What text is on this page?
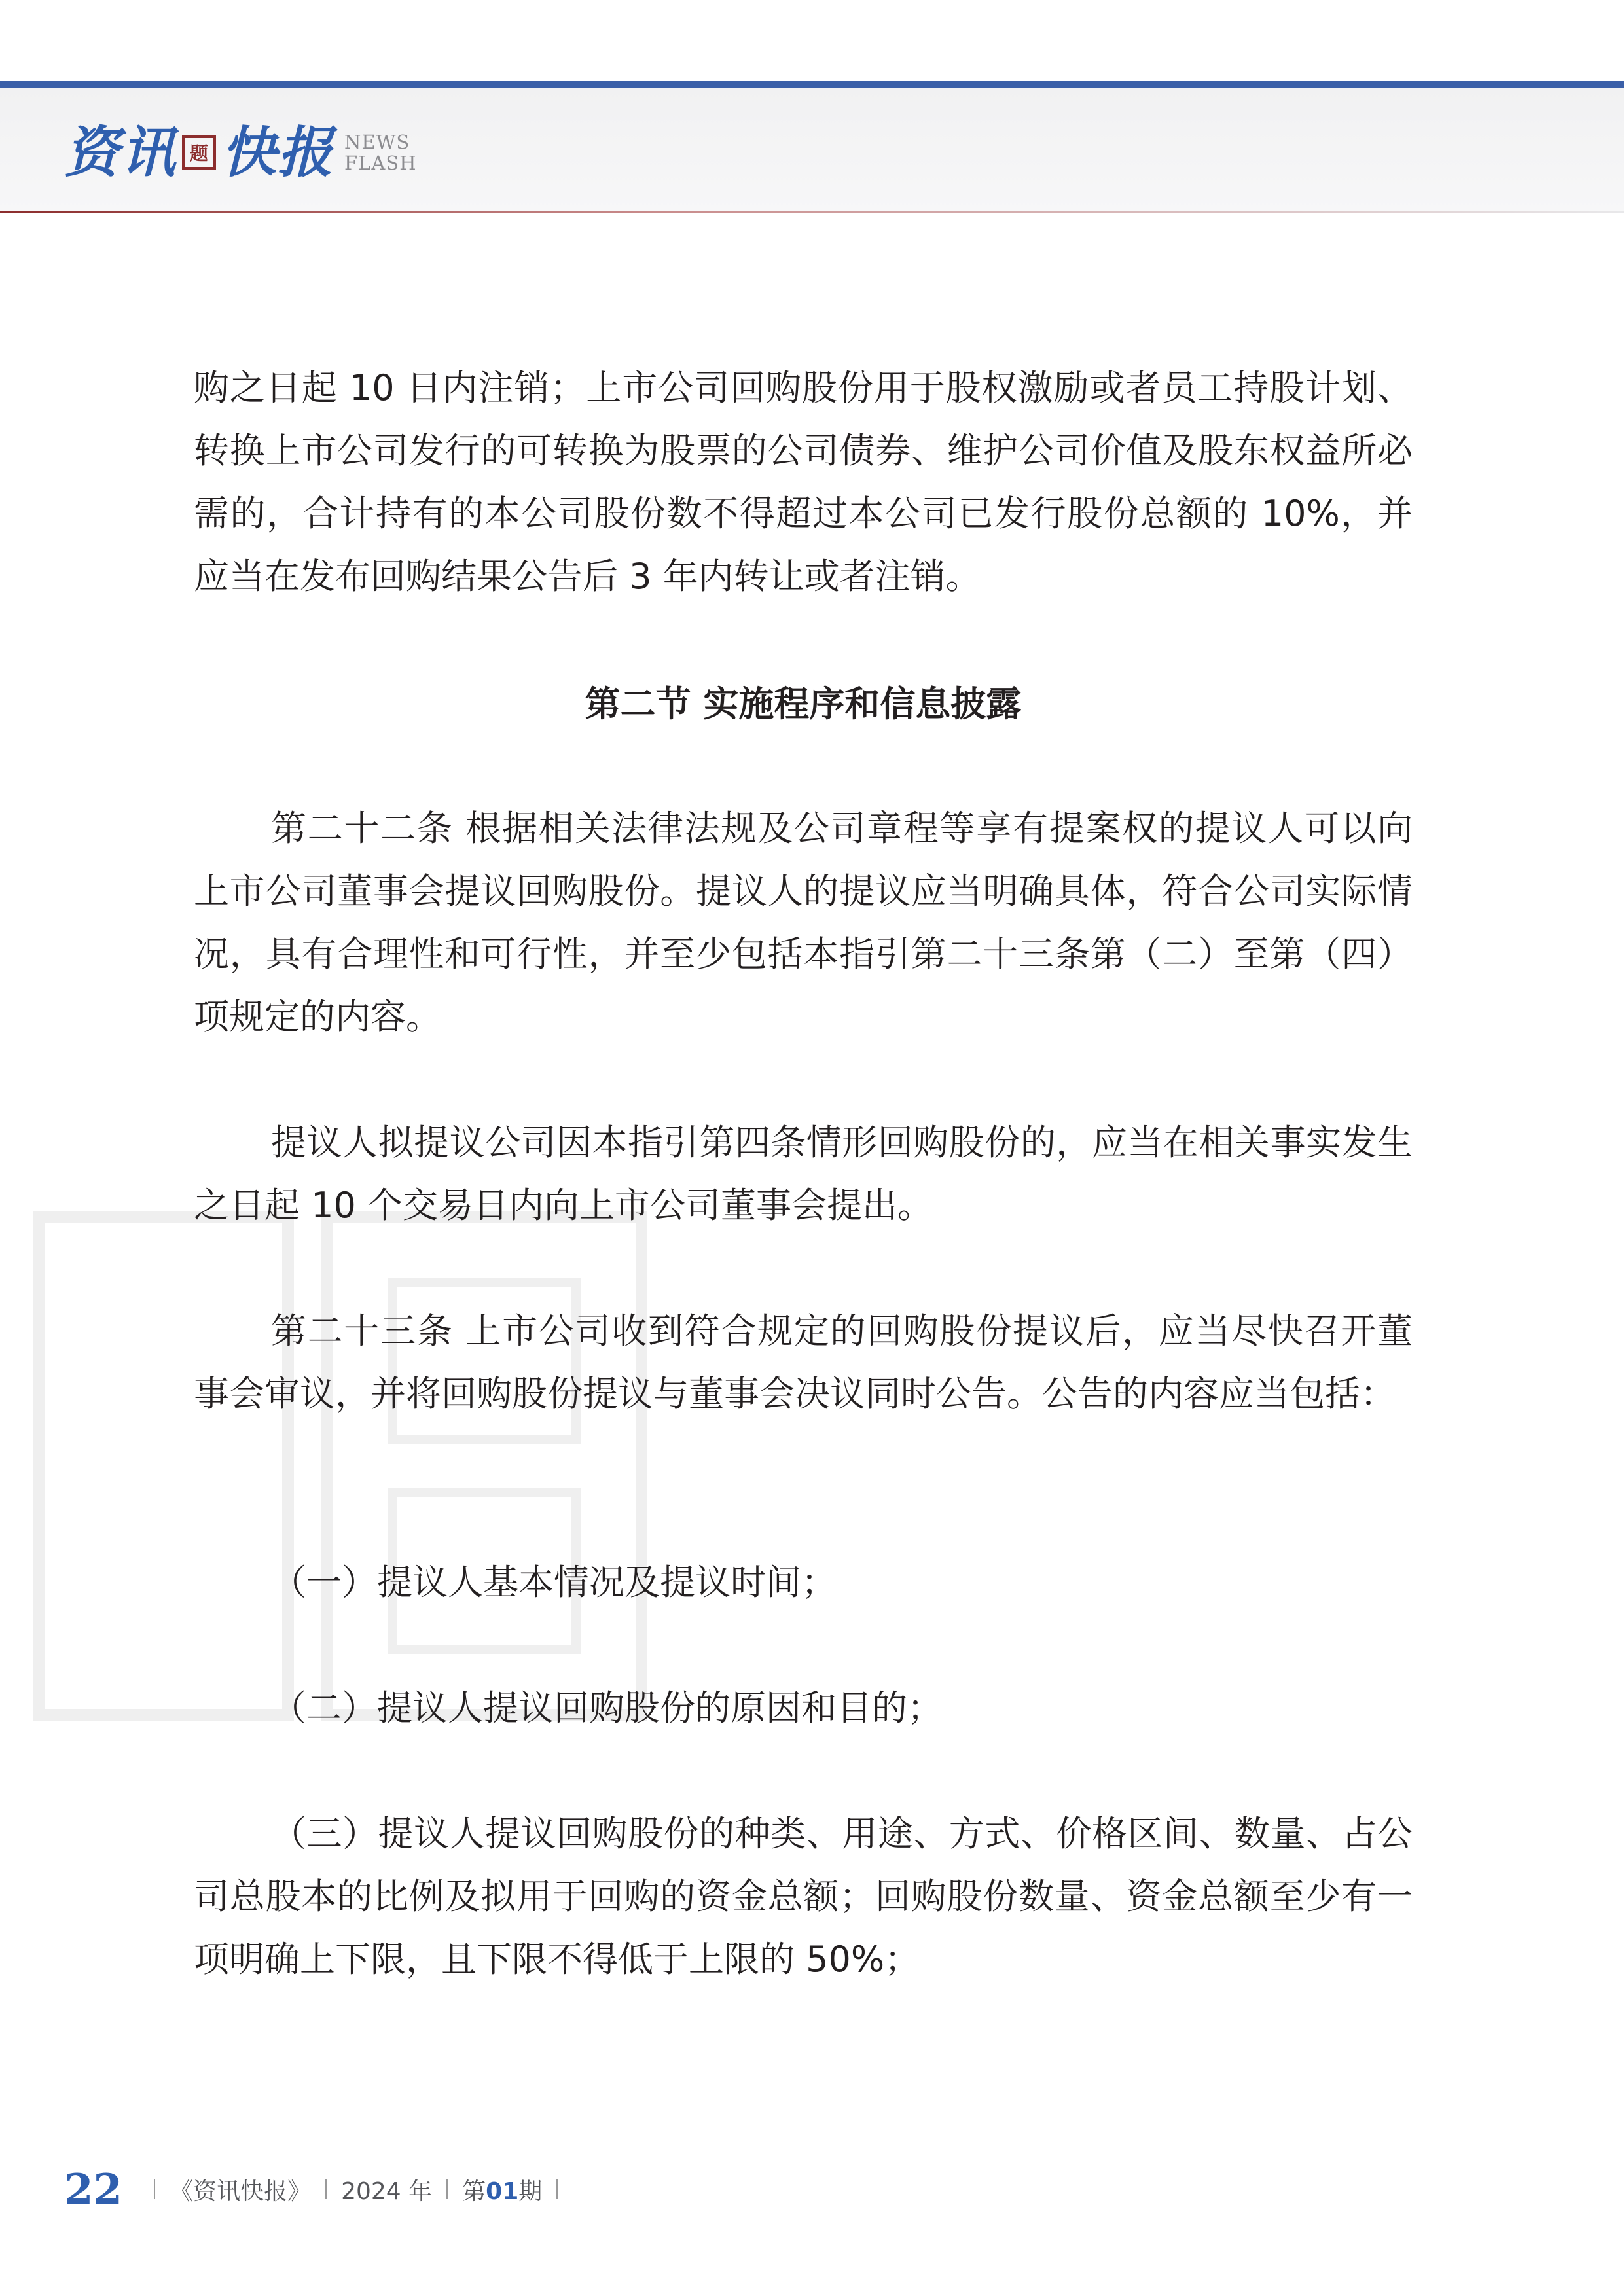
资讯 题 快报 NEWS
FLASH

购之日起 10 日内注销；上市公司回购股份用于股权激励或者员工持股计划、转换上市公司发行的可转换为股票的公司债券、维护公司价值及股东权益所必需的，合计持有的本公司股份数不得超过本公司已发行股份总额的 10%，并应当在发布回购结果公告后 3 年内转让或者注销。

第二节 实施程序和信息披露

第二十二条 根据相关法律法规及公司章程等享有提案权的提议人可以向上市公司董事会提议回购股份。提议人的提议应当明确具体，符合公司实际情况，具有合理性和可行性，并至少包括本指引第二十三条第（二）至第（四）项规定的内容。

提议人拟提议公司因本指引第四条情形回购股份的，应当在相关事实发生之日起 10 个交易日内向上市公司董事会提出。

第二十三条 上市公司收到符合规定的回购股份提议后，应当尽快召开董事会审议，并将回购股份提议与董事会决议同时公告。公告的内容应当包括：

（一）提议人基本情况及提议时间；

（二）提议人提议回购股份的原因和目的；

（三）提议人提议回购股份的种类、用途、方式、价格区间、数量、占公司总股本的比例及拟用于回购的资金总额；回购股份数量、资金总额至少有一项明确上下限，且下限不得低于上限的 50%；

22 《资讯快报》 2024 年 第01期
